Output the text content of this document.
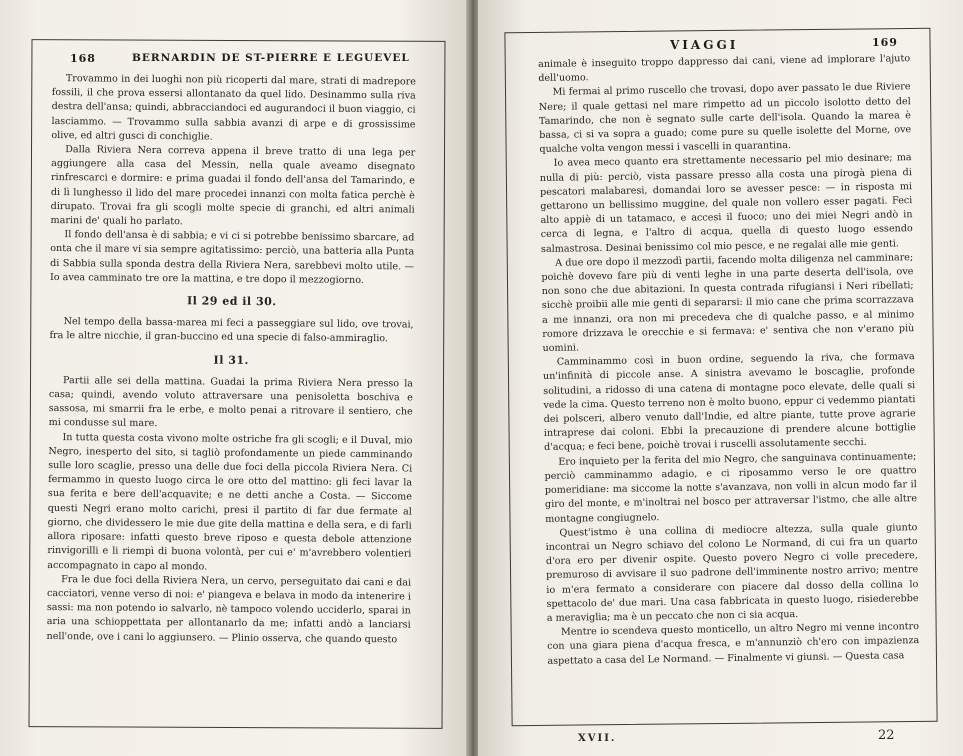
168	BERNARDIN DE ST-PIERRE E LEGUEVEL

Trovammo in dei luoghi non più ricoperti dal mare, strati di madrepore fossili, il che prova essersi allontanato da quel lido. Desinammo sulla riva destra dell'ansa; quindi, abbracciandoci ed augurandoci il buon viaggio, ci lasciammo. — Trovammo sulla sabbia avanzi di arpe e di grossissime olive, ed altri gusci di conchiglie.

Dalla Riviera Nera correva appena il breve tratto di una lega per aggiungere alla casa del Messin, nella quale aveamo disegnato rinfrescarci e dormire: e prima guadai il fondo dell'ansa del Tamarindo, e di lì lunghesso il lido del mare procedei innanzi con molta fatica perchè è dirupato. Trovai fra gli scogli molte specie di granchi, ed altri animali marini de' quali ho parlato.

Il fondo dell'ansa è di sabbia; e vi ci si potrebbe benissimo sbarcare, ad onta che il mare vi sia sempre agitatissimo: perciò, una batteria alla Punta di Sabbia sulla sponda destra della Riviera Nera, sarebbevi molto utile. — Io avea camminato tre ore la mattina, e tre dopo il mezzogiorno.

Il 29 ed il 30.

Nel tempo della bassa-marea mi feci a passeggiare sul lido, ove trovai, fra le altre nicchie, il gran-buccino ed una specie di falso-ammiraglio.

Il 31.

Partii alle sei della mattina. Guadai la prima Riviera Nera presso la casa; quindi, avendo voluto attraversare una penisoletta boschiva e sassosa, mi smarrii fra le erbe, e molto penai a ritrovare il sentiero, che mi condusse sul mare.

In tutta questa costa vivono molte ostriche fra gli scogli; e il Duval, mio Negro, inesperto del sito, si tagliò profondamente un piede camminando sulle loro scaglie, presso una delle due foci della piccola Riviera Nera. Ci fermammo in questo luogo circa le ore otto del mattino: gli feci lavar la sua ferita e bere dell'acquavite; e ne detti anche a Costa. — Siccome questi Negri erano molto carichi, presi il partito di far due fermate al giorno, che dividessero le mie due gite della mattina e della sera, e di farli allora riposare: infatti questo breve riposo e questa debole attenzione rinvigorilli e li riempì di buona volontà, per cui e' m'avrebbero volentieri accompagnato in capo al mondo.

Fra le due foci della Riviera Nera, un cervo, perseguitato dai cani e dai cacciatori, venne verso di noi: e' piangeva e belava in modo da intenerire i sassi: ma non potendo io salvarlo, nè tampoco volendo ucciderlo, sparai in aria una schioppettata per allontanarlo da me; infatti andò a lanciarsi nell'onde, ove i cani lo aggiunsero. — Plinio osserva, che quando questo

VIAGGI	169

animale è inseguito troppo dappresso dai cani, viene ad implorare l'ajuto dell'uomo.

Mi fermai al primo ruscello che trovasi, dopo aver passato le due Riviere Nere; il quale gettasi nel mare rimpetto ad un piccolo isolotto detto del Tamarindo, che non è segnato sulle carte dell'isola. Quando la marea è bassa, ci si va sopra a guado; come pure su quelle isolette del Morne, ove qualche volta vengon messi i vascelli in quarantina.

Io avea meco quanto era strettamente necessario pel mio desinare; ma nulla di più: perciò, vista passare presso alla costa una pirogà piena di pescatori malabaresi, domandai loro se avesser pesce: — in risposta mi gettarono un bellissimo muggine, del quale non vollero esser pagati. Feci alto appiè di un tatamaco, e accesi il fuoco; uno dei miei Negri andò in cerca di legna, e l'altro di acqua, quella di questo luogo essendo salmastrosa. Desinai benissimo col mio pesce, e ne regalai alle mie genti.

A due ore dopo il mezzodì partii, facendo molta diligenza nel camminare; poichè dovevo fare più di venti leghe in una parte deserta dell'isola, ove non sono che due abitazioni. In questa contrada rifugiansi i Neri ribellati; sicchè proibii alle mie genti di separarsi: il mio cane che prima scorrazzava a me innanzi, ora non mi precedeva che di qualche passo, e al minimo romore drizzava le orecchie e si fermava: e' sentiva che non v'erano più uomini.

Camminammo così in buon ordine, seguendo la riva, che formava un'infinità di piccole anse. A sinistra avevamo le boscaglie, profonde solitudini, a ridosso di una catena di montagne poco elevate, delle quali si vede la cima. Questo terreno non è molto buono, eppur ci vedemmo piantati dei polsceri, albero venuto dall'Indie, ed altre piante, tutte prove agrarie intraprese dai coloni. Ebbi la precauzione di prendere alcune bottiglie d'acqua; e feci bene, poichè trovai i ruscelli assolutamente secchi.

Ero inquieto per la ferita del mio Negro, che sanguinava continuamente; perciò camminammo adagio, e ci riposammo verso le ore quattro pomeridiane: ma siccome la notte s'avanzava, non volli in alcun modo far il giro del monte, e m'inoltrai nel bosco per attraversar l'istmo, che alle altre montagne congiugnelo.

Quest'istmo è una collina di mediocre altezza, sulla quale giunto incontrai un Negro schiavo del colono Le Normand, di cui fra un quarto d'ora ero per divenir ospite. Questo povero Negro ci volle precedere, premuroso di avvisare il suo padrone dell'imminente nostro arrivo; mentre io m'era fermato a considerare con piacere dal dosso della collina lo spettacolo de' due mari. Una casa fabbricata in questo luogo, risiederebbe a meraviglia; ma è un peccato che non ci sia acqua.

Mentre io scendeva questo monticello, un altro Negro mi venne incontro con una giara piena d'acqua fresca, e m'annunziò ch'ero con impazienza aspettato a casa del Le Normand. — Finalmente vi giunsi. — Questa casa

XVII.	22
